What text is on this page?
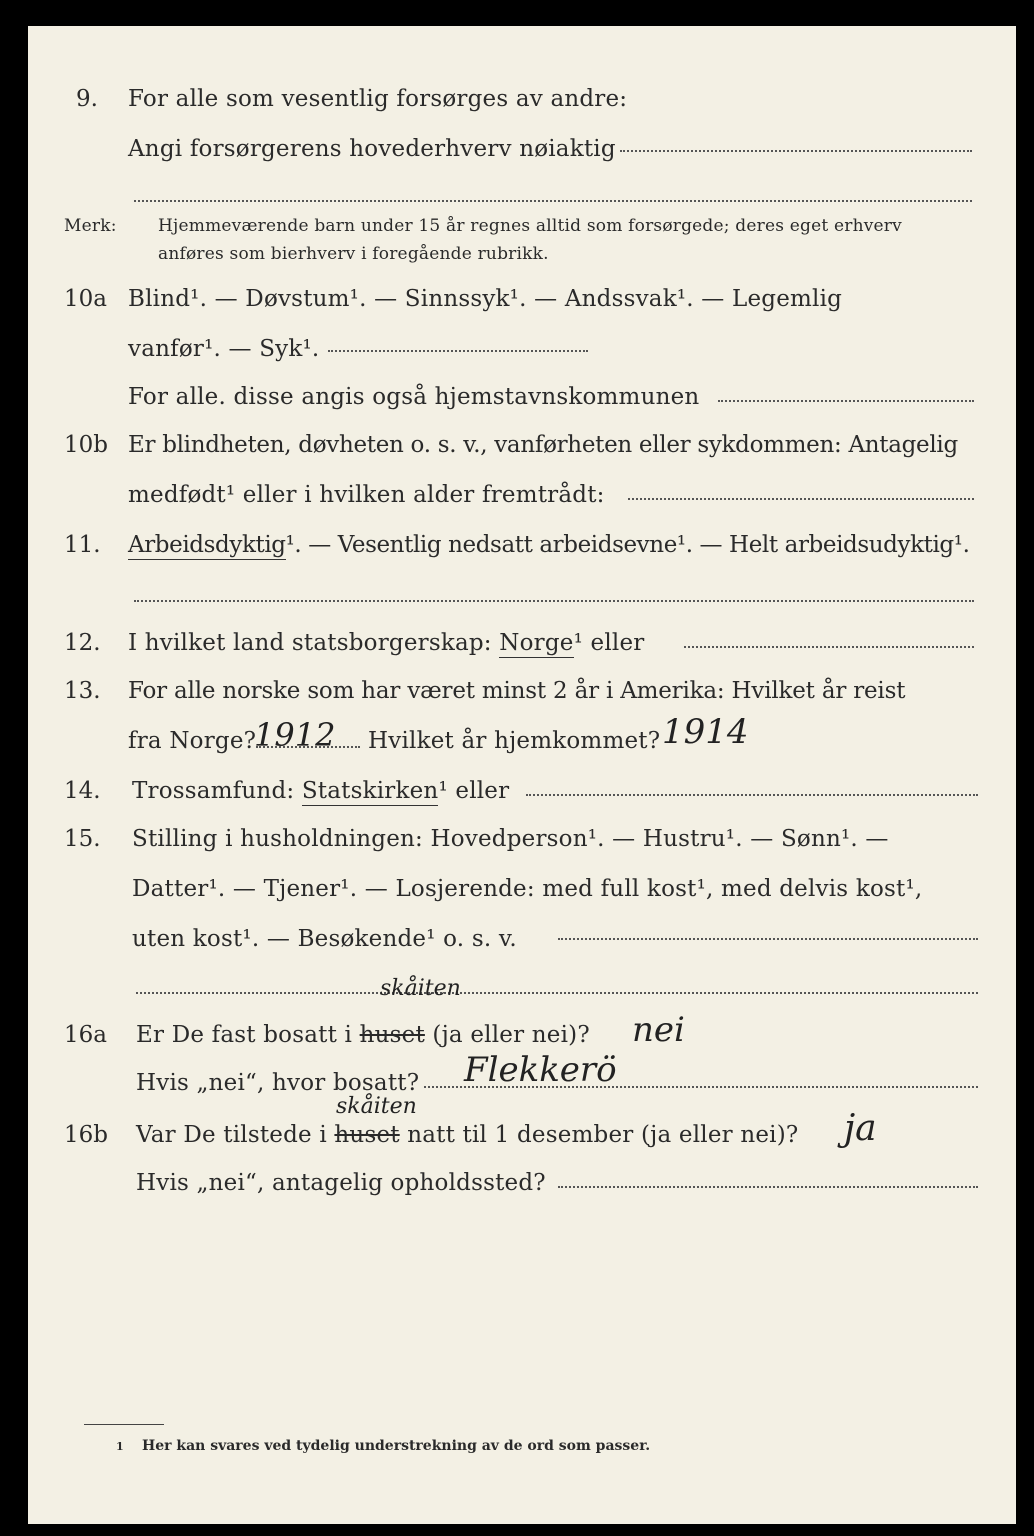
9. For alle som vesentlig forsørges av andre:
Angi forsørgerens hovederhverv nøiaktig
Merk: Hjemmeværende barn under 15 år regnes alltid som forsørgede; deres eget erhverv
anføres som bierhverv i foregående rubrikk.
10a Blind¹. — Døvstum¹. — Sinnssyk¹. — Andssvak¹. — Legemlig
vanfør¹. — Syk¹.
For alle. disse angis også hjemstavnskommunen
10b Er blindheten, døvheten o. s. v., vanførheten eller sykdommen: Antagelig
medfødt¹ eller i hvilken alder fremtrådt:
11. Arbeidsdyktig¹. — Vesentlig nedsatt arbeidsevne¹. — Helt arbeidsudyktig¹.
12. I hvilket land statsborgerskap: Norge¹ eller
13. For alle norske som har været minst 2 år i Amerika: Hvilket år reist
fra Norge?
1912 Hvilket år hjemkommet? 1914
14. Trossamfund: Statskirken¹ eller
15. Stilling i husholdningen: Hovedperson¹. — Hustru¹. — Sønn¹. —
Datter¹. — Tjener¹. — Losjerende: med full kost¹, med delvis kost¹,
uten kost¹. — Besøkende¹ o. s. v.
skåiten
16a Er De fast bosatt i huset (ja eller nei)? nei
Hvis „nei“, hvor bosatt? Flekkerö
skåiten
16b Var De tilstede i huset natt til 1 desember (ja eller nei)? ja
Hvis „nei“, antagelig opholdssted?
1 Her kan svares ved tydelig understrekning av de ord som passer.
